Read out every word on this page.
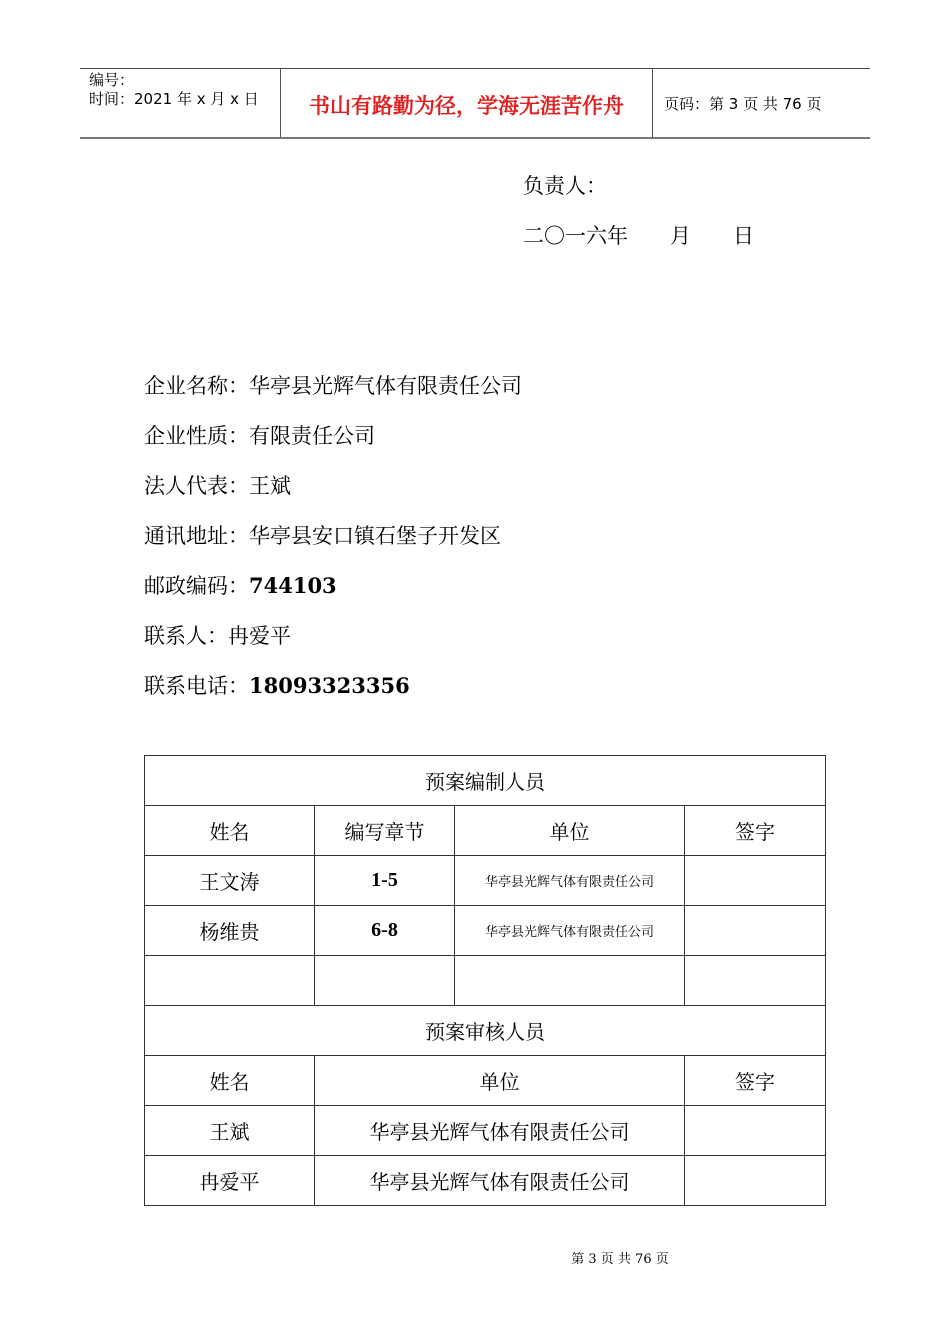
编号：
时间：2021 年 x 月 x 日	书山有路勤为径，学海无涯苦作舟	页码：第 3 页 共 76 页
负责人：
二〇一六年　　月　　日
企业名称：华亭县光辉气体有限责任公司
企业性质：有限责任公司
法人代表：王斌
通讯地址：华亭县安口镇石堡子开发区
邮政编码：744103
联系人：冉爱平
联系电话：18093323356
预案编制人员			
姓名	编写章节	单位	签字
王文涛	1-5	华亭县光辉气体有限责任公司	
杨维贵	6-8	华亭县光辉气体有限责任公司	

预案审核人员			
姓名	单位		签字
王斌	华亭县光辉气体有限责任公司		
冉爱平	华亭县光辉气体有限责任公司		
第 3 页 共 76 页
